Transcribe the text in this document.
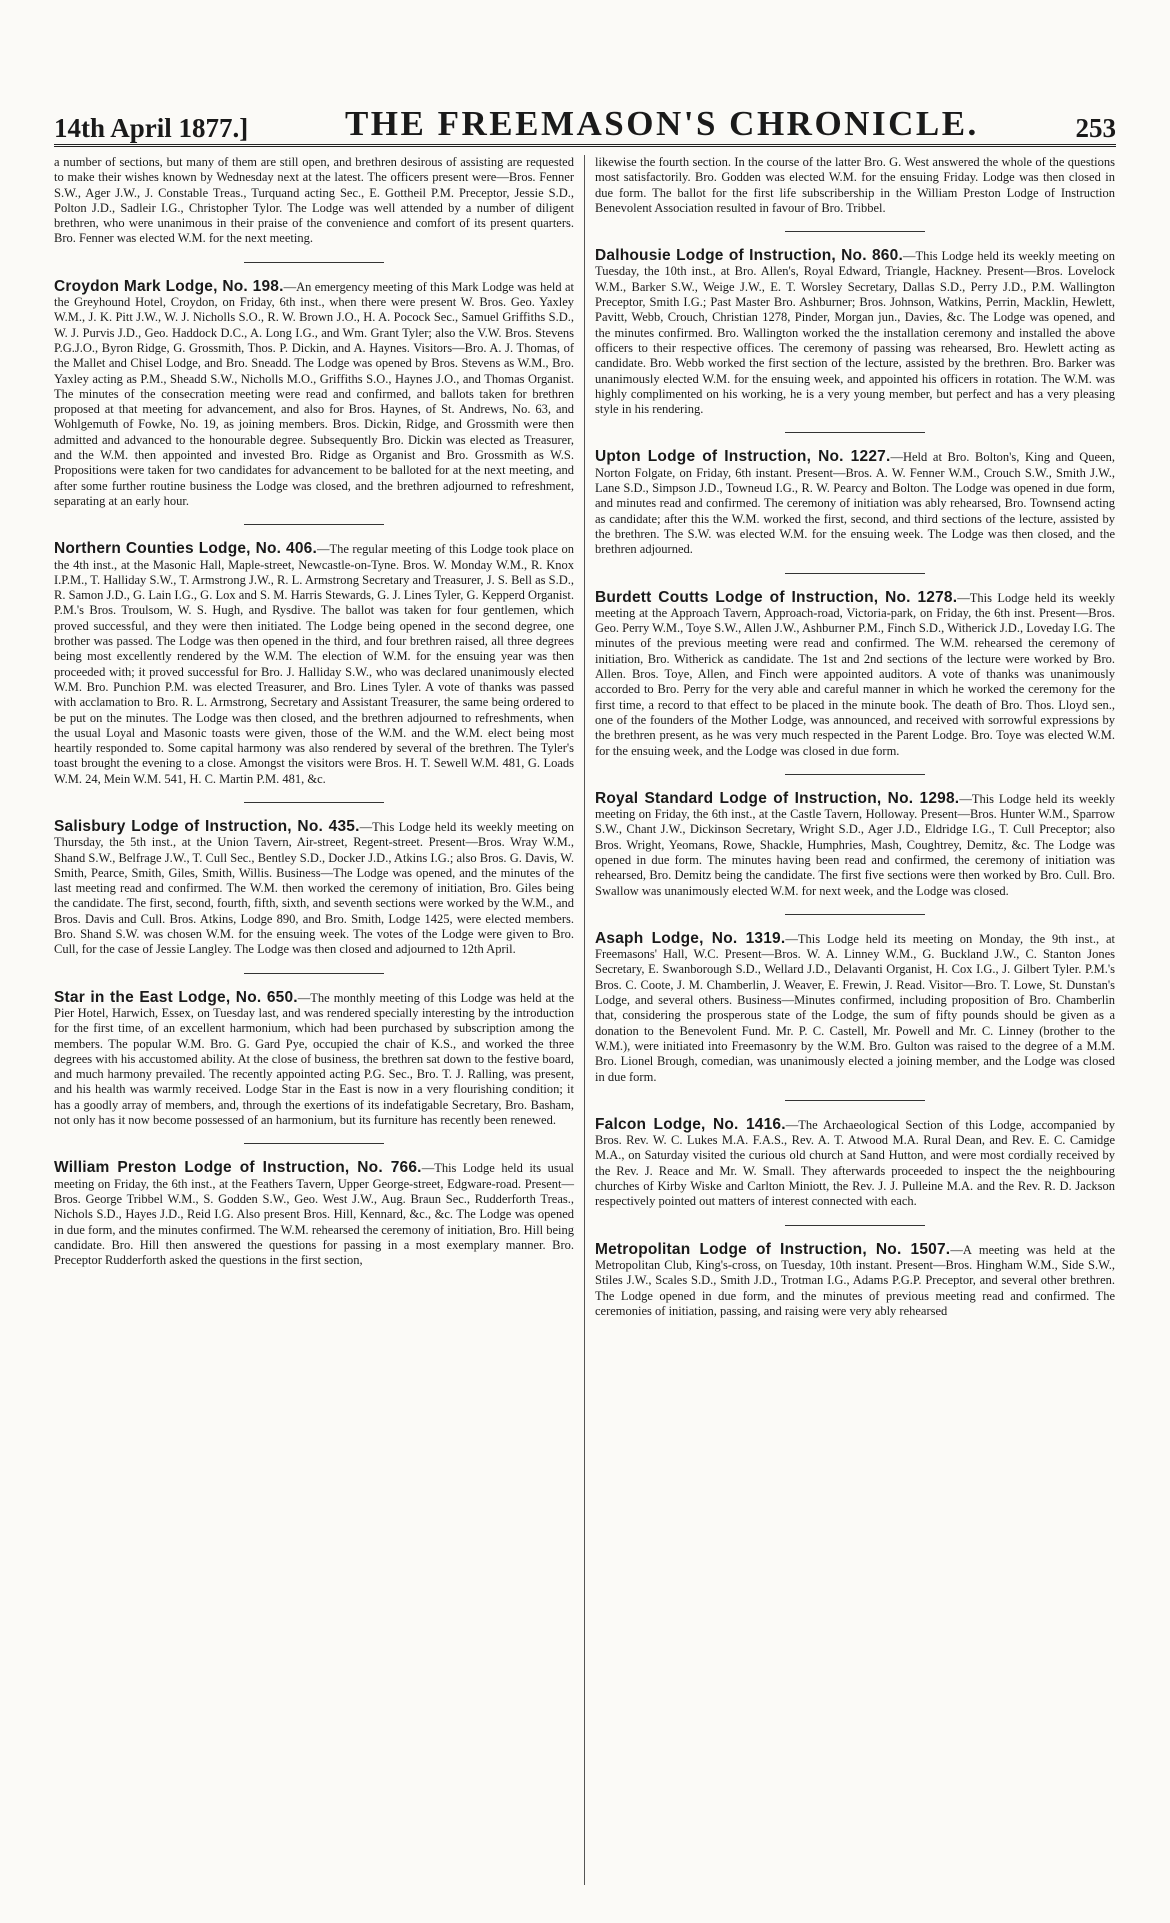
14th April 1877.]	THE FREEMASON'S CHRONICLE.	253

a number of sections, but many of them are still open, and brethren desirous of assisting are requested to make their wishes known by Wednesday next at the latest. The officers present were—Bros. Fenner S.W., Ager J.W., J. Constable Treas., Turquand acting Sec., E. Gottheil P.M. Preceptor, Jessie S.D., Polton J.D., Sadleir I.G., Christopher Tylor. The Lodge was well attended by a number of diligent brethren, who were unanimous in their praise of the convenience and comfort of its present quarters. Bro. Fenner was elected W.M. for the next meeting.

Croydon Mark Lodge, No. 198.—An emergency meeting of this Mark Lodge was held at the Greyhound Hotel, Croydon, on Friday, 6th inst., when there were present W. Bros. Geo. Yaxley W.M., J. K. Pitt J.W., W. J. Nicholls S.O., R. W. Brown J.O., H. A. Pocock Sec., Samuel Griffiths S.D., W. J. Purvis J.D., Geo. Haddock D.C., A. Long I.G., and Wm. Grant Tyler; also the V.W. Bros. Stevens P.G.J.O., Byron Ridge, G. Grossmith, Thos. P. Dickin, and A. Haynes. Visitors—Bro. A. J. Thomas, of the Mallet and Chisel Lodge, and Bro. Sneadd. The Lodge was opened by Bros. Stevens as W.M., Bro. Yaxley acting as P.M., Sheadd S.W., Nicholls M.O., Griffiths S.O., Haynes J.O., and Thomas Organist. The minutes of the consecration meeting were read and confirmed, and ballots taken for brethren proposed at that meeting for advancement, and also for Bros. Haynes, of St. Andrews, No. 63, and Wohlgemuth of Fowke, No. 19, as joining members. Bros. Dickin, Ridge, and Grossmith were then admitted and advanced to the honourable degree. Subsequently Bro. Dickin was elected as Treasurer, and the W.M. then appointed and invested Bro. Ridge as Organist and Bro. Grossmith as W.S. Propositions were taken for two candidates for advancement to be balloted for at the next meeting, and after some further routine business the Lodge was closed, and the brethren adjourned to refreshment, separating at an early hour.

Northern Counties Lodge, No. 406.—The regular meeting of this Lodge took place on the 4th inst., at the Masonic Hall, Maple-street, Newcastle-on-Tyne. Bros. W. Monday W.M., R. Knox I.P.M., T. Halliday S.W., T. Armstrong J.W., R. L. Armstrong Secretary and Treasurer, J. S. Bell as S.D., R. Samon J.D., G. Lain I.G., G. Lox and S. M. Harris Stewards, G. J. Lines Tyler, G. Kepperd Organist. P.M.'s Bros. Troulsom, W. S. Hugh, and Rysdive. The ballot was taken for four gentlemen, which proved successful, and they were then initiated. The Lodge being opened in the second degree, one brother was passed. The Lodge was then opened in the third, and four brethren raised, all three degrees being most excellently rendered by the W.M. The election of W.M. for the ensuing year was then proceeded with; it proved successful for Bro. J. Halliday S.W., who was declared unanimously elected W.M. Bro. Punchion P.M. was elected Treasurer, and Bro. Lines Tyler. A vote of thanks was passed with acclamation to Bro. R. L. Armstrong, Secretary and Assistant Treasurer, the same being ordered to be put on the minutes. The Lodge was then closed, and the brethren adjourned to refreshments, when the usual Loyal and Masonic toasts were given, those of the W.M. and the W.M. elect being most heartily responded to. Some capital harmony was also rendered by several of the brethren. The Tyler's toast brought the evening to a close. Amongst the visitors were Bros. H. T. Sewell W.M. 481, G. Loads W.M. 24, Mein W.M. 541, H. C. Martin P.M. 481, &c.

Salisbury Lodge of Instruction, No. 435.—This Lodge held its weekly meeting on Thursday, the 5th inst., at the Union Tavern, Air-street, Regent-street. Present—Bros. Wray W.M., Shand S.W., Belfrage J.W., T. Cull Sec., Bentley S.D., Docker J.D., Atkins I.G.; also Bros. G. Davis, W. Smith, Pearce, Smith, Giles, Smith, Willis. Business—The Lodge was opened, and the minutes of the last meeting read and confirmed. The W.M. then worked the ceremony of initiation, Bro. Giles being the candidate. The first, second, fourth, fifth, sixth, and seventh sections were worked by the W.M., and Bros. Davis and Cull. Bros. Atkins, Lodge 890, and Bro. Smith, Lodge 1425, were elected members. Bro. Shand S.W. was chosen W.M. for the ensuing week. The votes of the Lodge were given to Bro. Cull, for the case of Jessie Langley. The Lodge was then closed and adjourned to 12th April.

Star in the East Lodge, No. 650.—The monthly meeting of this Lodge was held at the Pier Hotel, Harwich, Essex, on Tuesday last, and was rendered specially interesting by the introduction for the first time, of an excellent harmonium, which had been purchased by subscription among the members. The popular W.M. Bro. G. Gard Pye, occupied the chair of K.S., and worked the three degrees with his accustomed ability. At the close of business, the brethren sat down to the festive board, and much harmony prevailed. The recently appointed acting P.G. Sec., Bro. T. J. Ralling, was present, and his health was warmly received. Lodge Star in the East is now in a very flourishing condition; it has a goodly array of members, and, through the exertions of its indefatigable Secretary, Bro. Basham, not only has it now become possessed of an harmonium, but its furniture has recently been renewed.

William Preston Lodge of Instruction, No. 766.—This Lodge held its usual meeting on Friday, the 6th inst., at the Feathers Tavern, Upper George-street, Edgware-road. Present—Bros. George Tribbel W.M., S. Godden S.W., Geo. West J.W., Aug. Braun Sec., Rudderforth Treas., Nichols S.D., Hayes J.D., Reid I.G. Also present Bros. Hill, Kennard, &c., &c. The Lodge was opened in due form, and the minutes confirmed. The W.M. rehearsed the ceremony of initiation, Bro. Hill being candidate. Bro. Hill then answered the questions for passing in a most exemplary manner. Bro. Preceptor Rudderforth asked the questions in the first section,

likewise the fourth section. In the course of the latter Bro. G. West answered the whole of the questions most satisfactorily. Bro. Godden was elected W.M. for the ensuing Friday. Lodge was then closed in due form. The ballot for the first life subscribership in the William Preston Lodge of Instruction Benevolent Association resulted in favour of Bro. Tribbel.

Dalhousie Lodge of Instruction, No. 860.—This Lodge held its weekly meeting on Tuesday, the 10th inst., at Bro. Allen's, Royal Edward, Triangle, Hackney. Present—Bros. Lovelock W.M., Barker S.W., Weige J.W., E. T. Worsley Secretary, Dallas S.D., Perry J.D., P.M. Wallington Preceptor, Smith I.G.; Past Master Bro. Ashburner; Bros. Johnson, Watkins, Perrin, Macklin, Hewlett, Pavitt, Webb, Crouch, Christian 1278, Pinder, Morgan jun., Davies, &c. The Lodge was opened, and the minutes confirmed. Bro. Wallington worked the the installation ceremony and installed the above officers to their respective offices. The ceremony of passing was rehearsed, Bro. Hewlett acting as candidate. Bro. Webb worked the first section of the lecture, assisted by the brethren. Bro. Barker was unanimously elected W.M. for the ensuing week, and appointed his officers in rotation. The W.M. was highly complimented on his working, he is a very young member, but perfect and has a very pleasing style in his rendering.

Upton Lodge of Instruction, No. 1227.—Held at Bro. Bolton's, King and Queen, Norton Folgate, on Friday, 6th instant. Present—Bros. A. W. Fenner W.M., Crouch S.W., Smith J.W., Lane S.D., Simpson J.D., Towneud I.G., R. W. Pearcy and Bolton. The Lodge was opened in due form, and minutes read and confirmed. The ceremony of initiation was ably rehearsed, Bro. Townsend acting as candidate; after this the W.M. worked the first, second, and third sections of the lecture, assisted by the brethren. The S.W. was elected W.M. for the ensuing week. The Lodge was then closed, and the brethren adjourned.

Burdett Coutts Lodge of Instruction, No. 1278.—This Lodge held its weekly meeting at the Approach Tavern, Approach-road, Victoria-park, on Friday, the 6th inst. Present—Bros. Geo. Perry W.M., Toye S.W., Allen J.W., Ashburner P.M., Finch S.D., Witherick J.D., Loveday I.G. The minutes of the previous meeting were read and confirmed. The W.M. rehearsed the ceremony of initiation, Bro. Witherick as candidate. The 1st and 2nd sections of the lecture were worked by Bro. Allen. Bros. Toye, Allen, and Finch were appointed auditors. A vote of thanks was unanimously accorded to Bro. Perry for the very able and careful manner in which he worked the ceremony for the first time, a record to that effect to be placed in the minute book. The death of Bro. Thos. Lloyd sen., one of the founders of the Mother Lodge, was announced, and received with sorrowful expressions by the brethren present, as he was very much respected in the Parent Lodge. Bro. Toye was elected W.M. for the ensuing week, and the Lodge was closed in due form.

Royal Standard Lodge of Instruction, No. 1298.—This Lodge held its weekly meeting on Friday, the 6th inst., at the Castle Tavern, Holloway. Present—Bros. Hunter W.M., Sparrow S.W., Chant J.W., Dickinson Secretary, Wright S.D., Ager J.D., Eldridge I.G., T. Cull Preceptor; also Bros. Wright, Yeomans, Rowe, Shackle, Humphries, Mash, Coughtrey, Demitz, &c. The Lodge was opened in due form. The minutes having been read and confirmed, the ceremony of initiation was rehearsed, Bro. Demitz being the candidate. The first five sections were then worked by Bro. Cull. Bro. Swallow was unanimously elected W.M. for next week, and the Lodge was closed.

Asaph Lodge, No. 1319.—This Lodge held its meeting on Monday, the 9th inst., at Freemasons' Hall, W.C. Present—Bros. W. A. Linney W.M., G. Buckland J.W., C. Stanton Jones Secretary, E. Swanborough S.D., Wellard J.D., Delavanti Organist, H. Cox I.G., J. Gilbert Tyler. P.M.'s Bros. C. Coote, J. M. Chamberlin, J. Weaver, E. Frewin, J. Read. Visitor—Bro. T. Lowe, St. Dunstan's Lodge, and several others. Business—Minutes confirmed, including proposition of Bro. Chamberlin that, considering the prosperous state of the Lodge, the sum of fifty pounds should be given as a donation to the Benevolent Fund. Mr. P. C. Castell, Mr. Powell and Mr. C. Linney (brother to the W.M.), were initiated into Freemasonry by the W.M. Bro. Gulton was raised to the degree of a M.M. Bro. Lionel Brough, comedian, was unanimously elected a joining member, and the Lodge was closed in due form.

Falcon Lodge, No. 1416.—The Archaeological Section of this Lodge, accompanied by Bros. Rev. W. C. Lukes M.A. F.A.S., Rev. A. T. Atwood M.A. Rural Dean, and Rev. E. C. Camidge M.A., on Saturday visited the curious old church at Sand Hutton, and were most cordially received by the Rev. J. Reace and Mr. W. Small. They afterwards proceeded to inspect the the neighbouring churches of Kirby Wiske and Carlton Miniott, the Rev. J. J. Pulleine M.A. and the Rev. R. D. Jackson respectively pointed out matters of interest connected with each.

Metropolitan Lodge of Instruction, No. 1507.—A meeting was held at the Metropolitan Club, King's-cross, on Tuesday, 10th instant. Present—Bros. Hingham W.M., Side S.W., Stiles J.W., Scales S.D., Smith J.D., Trotman I.G., Adams P.G.P. Preceptor, and several other brethren. The Lodge opened in due form, and the minutes of previous meeting read and confirmed. The ceremonies of initiation, passing, and raising were very ably rehearsed
